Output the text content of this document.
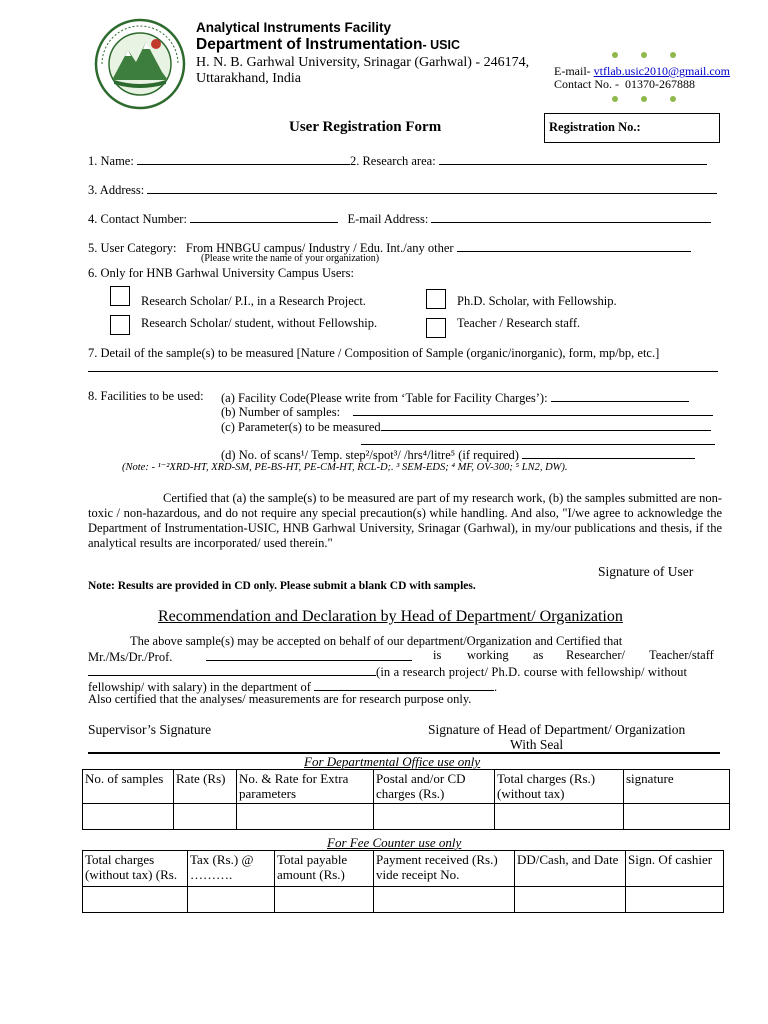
Analytical Instruments Facility
Department of Instrumentation- USIC
H. N. B. Garhwal University, Srinagar (Garhwal) - 246174,
Uttarakhand, India	E-mail- vtflab.usic2010@gmail.com
Contact No. - 01370-267888
User Registration Form	Registration No.:
1. Name:	2. Research area:
3. Address:
4. Contact Number:	E-mail Address:
5. User Category: From HNBGU campus/ Industry / Edu. Int./any other
(Please write the name of your organization)
6. Only for HNB Garhwal University Campus Users:
Research Scholar/ P.I., in a Research Project.	Ph.D. Scholar, with Fellowship.
Research Scholar/ student, without Fellowship.	Teacher / Research staff.
7. Detail of the sample(s) to be measured [Nature / Composition of Sample (organic/inorganic), form, mp/bp, etc.]
8. Facilities to be used: (a) Facility Code(Please write from ‘Table for Facility Charges’):
(b) Number of samples:
(c) Parameter(s) to be measured
(d) No. of scans¹/ Temp. step²/spot³/ /hrs⁴/litre⁵ (if required)
(Note: - ¹⁻²XRD-HT, XRD-SM, PE-BS-HT, PE-CM-HT, RCL-D;. ³ SEM-EDS; ⁴ MF, OV-300; ⁵ LN2, DW).
Certified that (a) the sample(s) to be measured are part of my research work, (b) the samples submitted are non- toxic / non-hazardous, and do not require any special precaution(s) while handling. And also, "I/we agree to acknowledge the Department of Instrumentation-USIC, HNB Garhwal University, Srinagar (Garhwal), in my/our publications and thesis, if the analytical results are incorporated/ used therein."
Signature of User
Note: Results are provided in CD only. Please submit a blank CD with samples.
Recommendation and Declaration by Head of Department/ Organization
The above sample(s) may be accepted on behalf of our department/Organization and Certified that
Mr./Ms/Dr./Prof.	is working as Researcher/ Teacher/staff
(in a research project/ Ph.D. course with fellowship/ without
fellowship/ with salary) in the department of	.
Also certified that the analyses/ measurements are for research purpose only.
Supervisor’s Signature	Signature of Head of Department/ Organization
With Seal
For Departmental Office use only
No. of samples	Rate (Rs)	No. & Rate for Extra parameters	Postal and/or CD charges (Rs.)	Total charges (Rs.) (without tax)	signature

For Fee Counter use only
Total charges (without tax) (Rs.	Tax (Rs.) @ ……….	Total payable amount (Rs.)	Payment received (Rs.) vide receipt No.	DD/Cash, and Date	Sign. Of cashier
